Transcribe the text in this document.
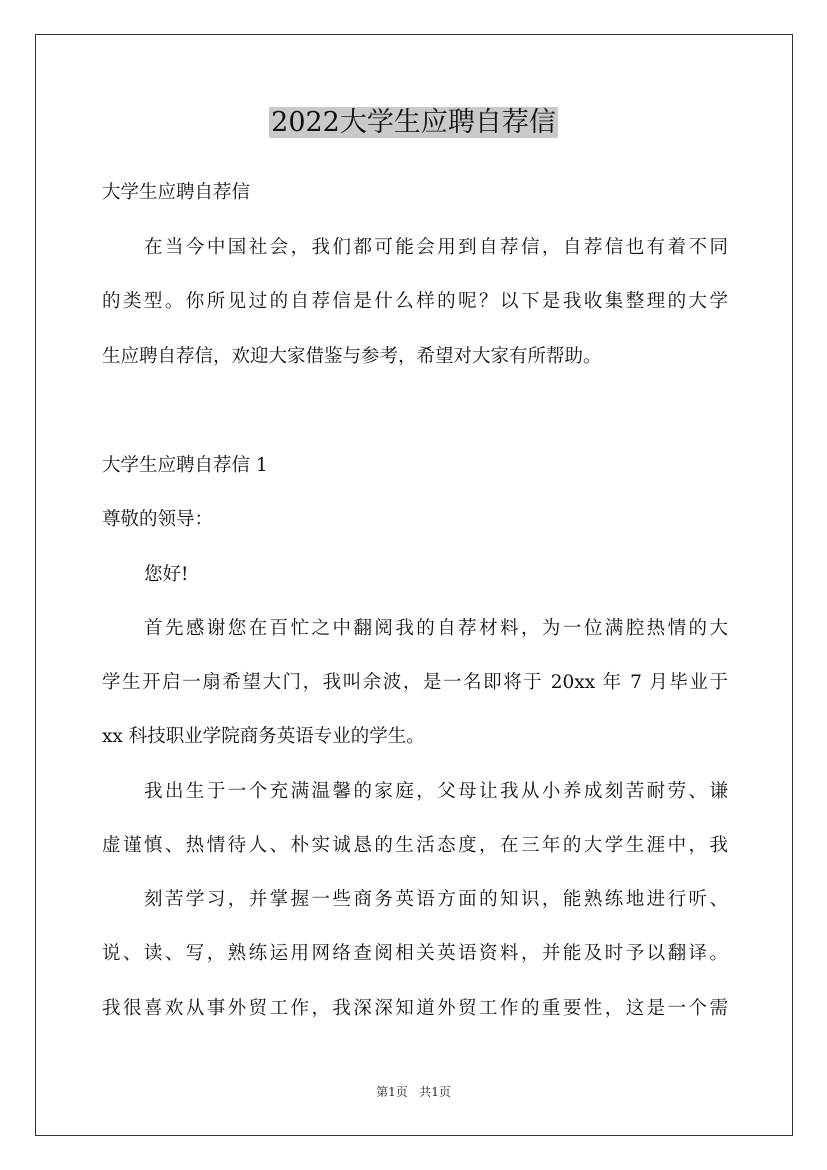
2022大学生应聘自荐信
大学生应聘自荐信
在当今中国社会，我们都可能会用到自荐信，自荐信也有着不同
的类型。你所见过的自荐信是什么样的呢？以下是我收集整理的大学
生应聘自荐信，欢迎大家借鉴与参考，希望对大家有所帮助。
大学生应聘自荐信 1
尊敬的领导：
您好!
首先感谢您在百忙之中翻阅我的自荐材料，为一位满腔热情的大
学生开启一扇希望大门，我叫余波，是一名即将于 20xx 年 7 月毕业于
xx 科技职业学院商务英语专业的学生。
我出生于一个充满温馨的家庭，父母让我从小养成刻苦耐劳、谦
虚谨慎、热情待人、朴实诚恳的生活态度，在三年的大学生涯中，我
刻苦学习，并掌握一些商务英语方面的知识，能熟练地进行听、
说、读、写，熟练运用网络查阅相关英语资料，并能及时予以翻译。
我很喜欢从事外贸工作，我深深知道外贸工作的重要性，这是一个需
第1页 共1页
